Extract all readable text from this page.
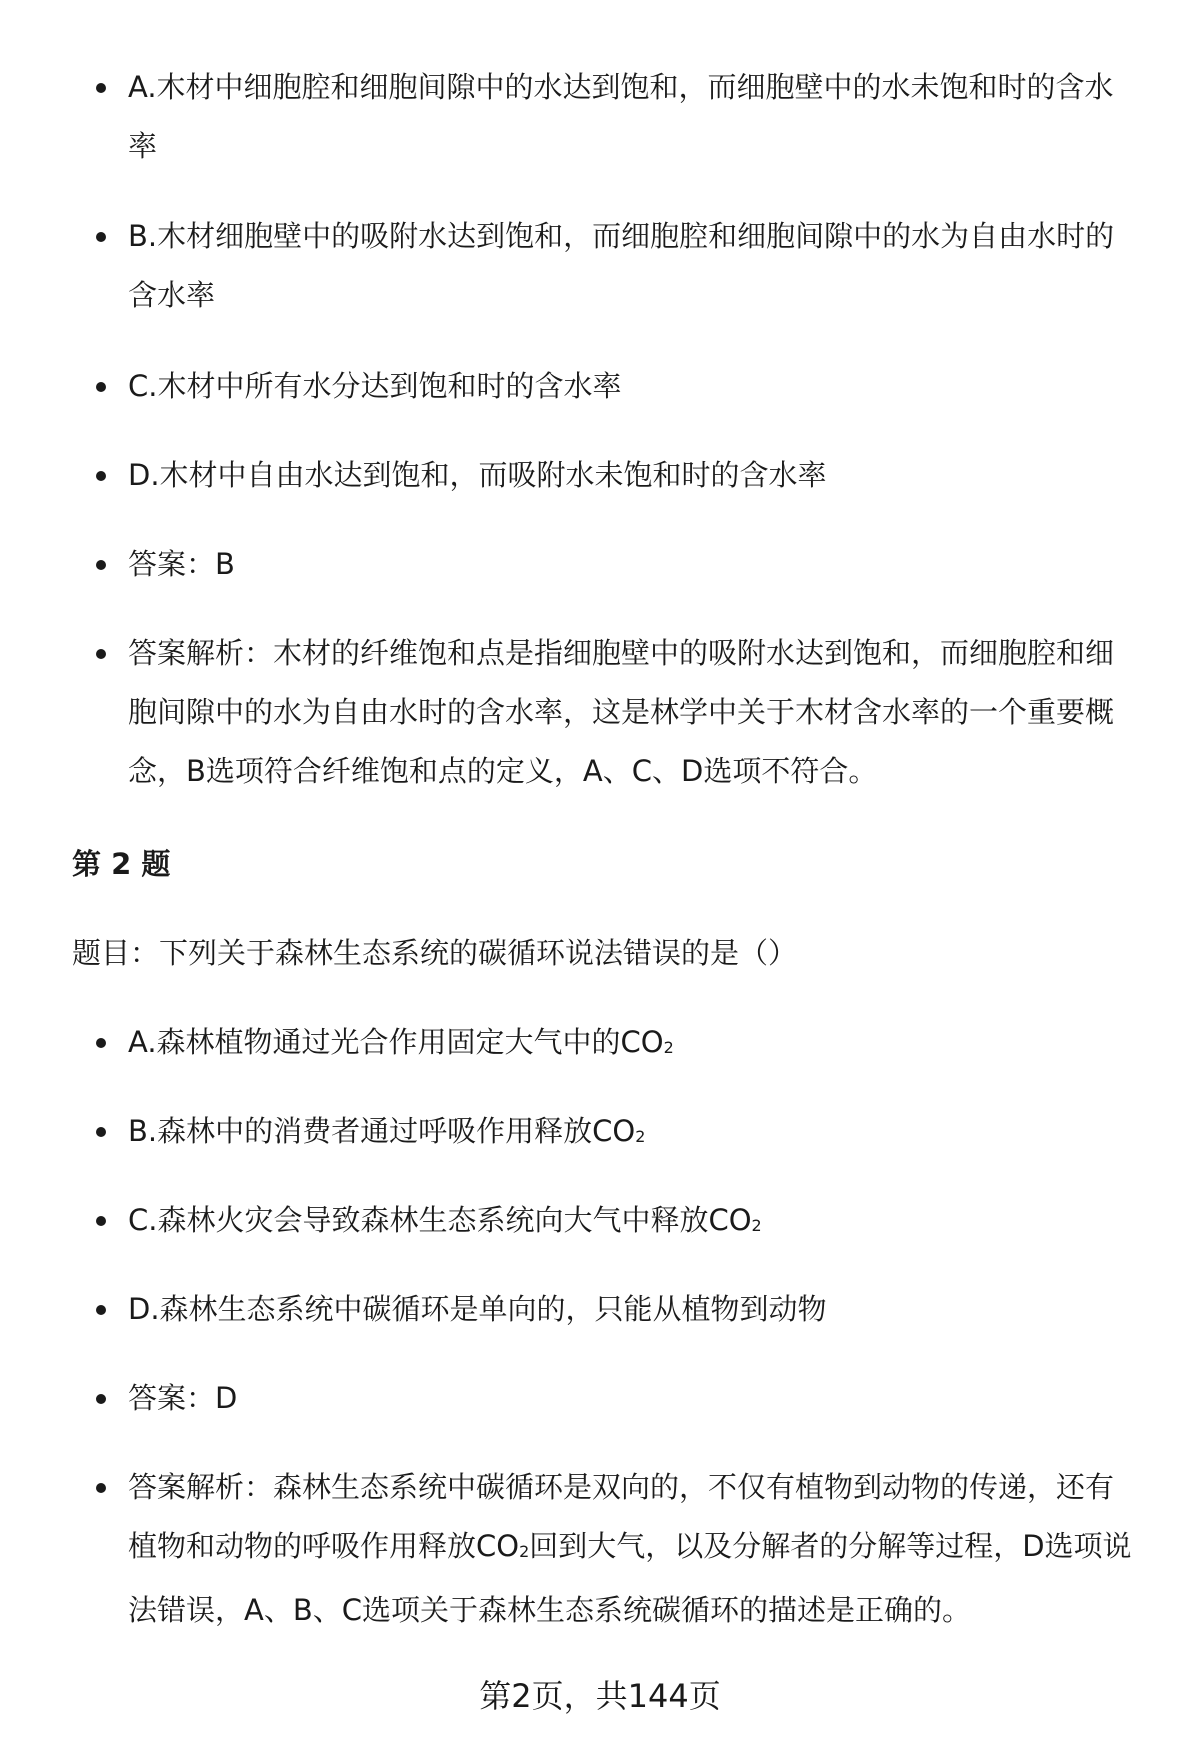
A.木材中细胞腔和细胞间隙中的水达到饱和，而细胞壁中的水未饱和时的含水率
B.木材细胞壁中的吸附水达到饱和，而细胞腔和细胞间隙中的水为自由水时的含水率
C.木材中所有水分达到饱和时的含水率
D.木材中自由水达到饱和，而吸附水未饱和时的含水率
答案：B
答案解析：木材的纤维饱和点是指细胞壁中的吸附水达到饱和，而细胞腔和细胞间隙中的水为自由水时的含水率，这是林学中关于木材含水率的一个重要概念，B选项符合纤维饱和点的定义，A、C、D选项不符合。
第 2 题
题目：下列关于森林生态系统的碳循环说法错误的是（）
A.森林植物通过光合作用固定大气中的$CO_2$
B.森林中的消费者通过呼吸作用释放$CO_2$
C.森林火灾会导致森林生态系统向大气中释放$CO_2$
D.森林生态系统中碳循环是单向的，只能从植物到动物
答案：D
答案解析：森林生态系统中碳循环是双向的，不仅有植物到动物的传递，还有植物和动物的呼吸作用释放$CO_2$回到大气，以及分解者的分解等过程，D选项说法错误，A、B、C选项关于森林生态系统碳循环的描述是正确的。
第2页，共144页
